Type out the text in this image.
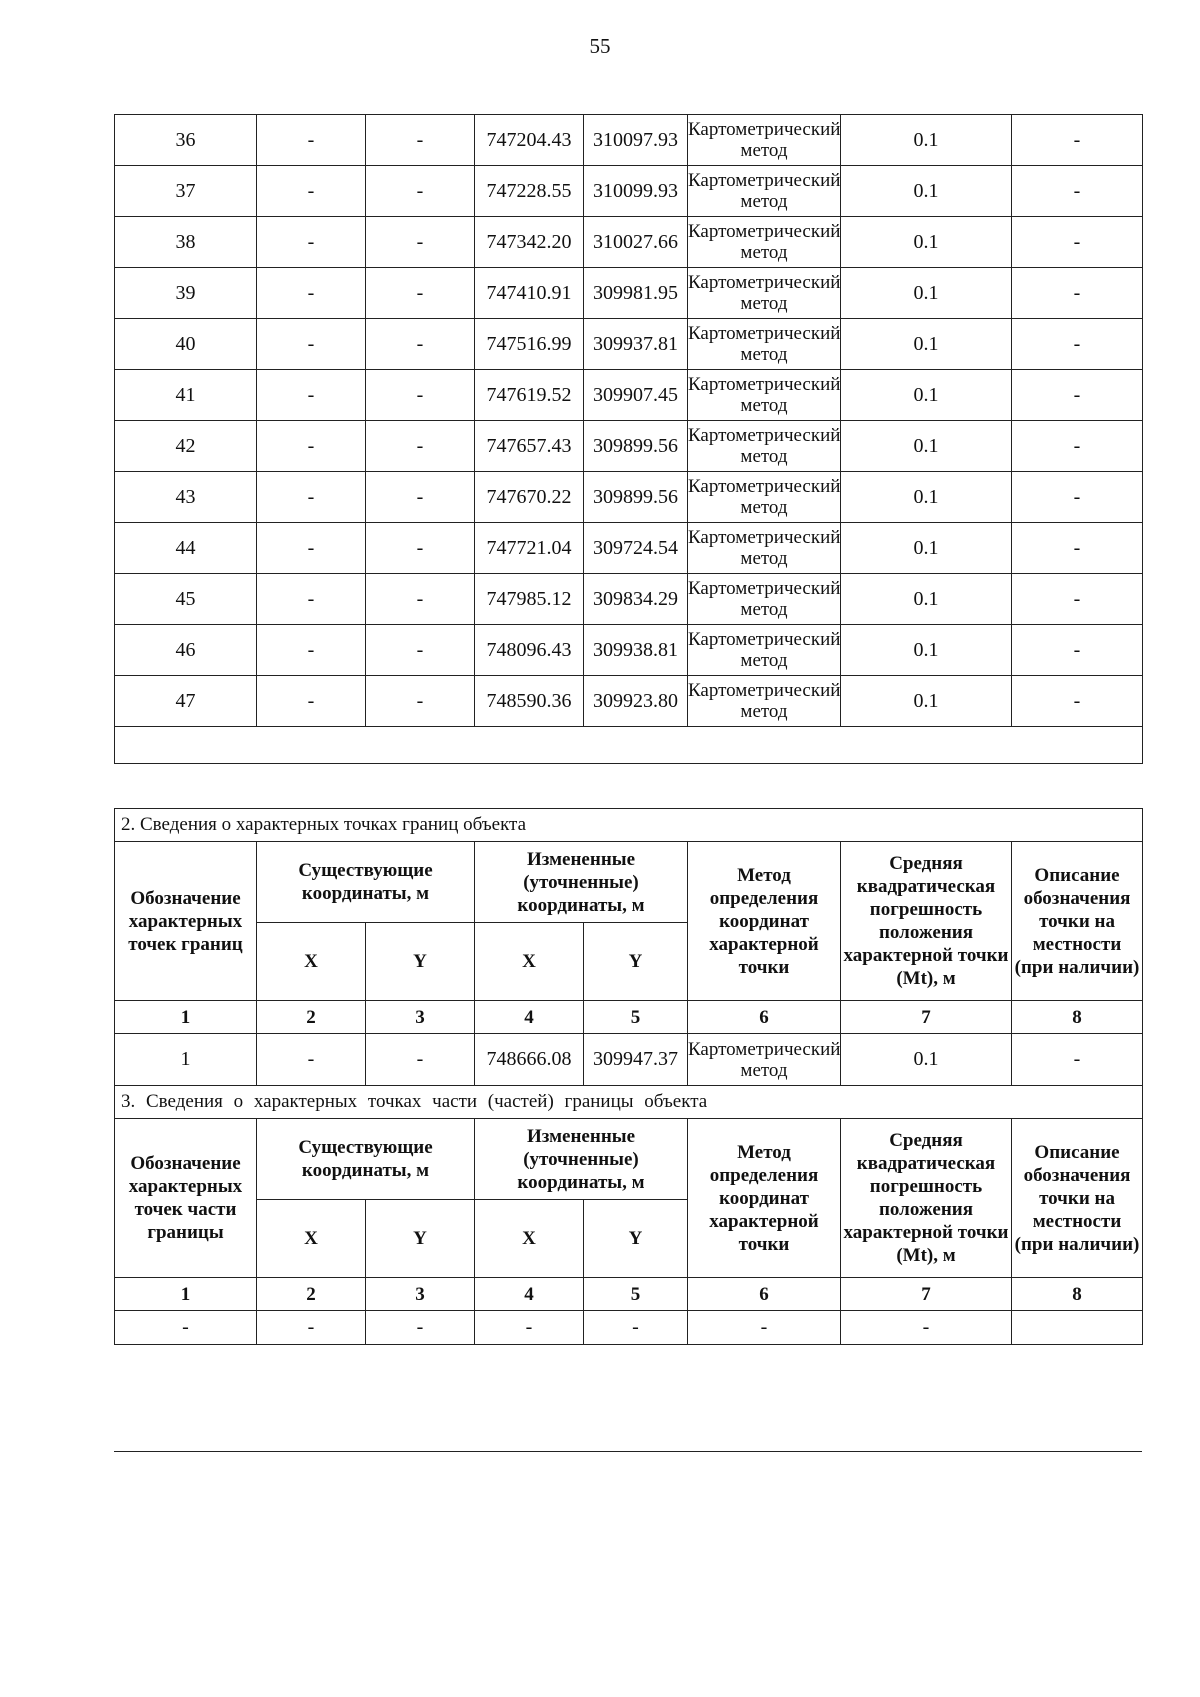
55
36	-	-	747204.43	310097.93	Картометрический метод	0.1	-
37	-	-	747228.55	310099.93	Картометрический метод	0.1	-
38	-	-	747342.20	310027.66	Картометрический метод	0.1	-
39	-	-	747410.91	309981.95	Картометрический метод	0.1	-
40	-	-	747516.99	309937.81	Картометрический метод	0.1	-
41	-	-	747619.52	309907.45	Картометрический метод	0.1	-
42	-	-	747657.43	309899.56	Картометрический метод	0.1	-
43	-	-	747670.22	309899.56	Картометрический метод	0.1	-
44	-	-	747721.04	309724.54	Картометрический метод	0.1	-
45	-	-	747985.12	309834.29	Картометрический метод	0.1	-
46	-	-	748096.43	309938.81	Картометрический метод	0.1	-
47	-	-	748590.36	309923.80	Картометрический метод	0.1	-

2. Сведения о характерных точках границ объекта							
Обозначение характерных точек границ	Существующие координаты, м		Измененные (уточненные) координаты, м		Метод определения координат характерной точки	Средняя квадратическая погрешность положения характерной точки (Мt), м	Описание обозначения точки на местности (при наличии)
	X	Y	X	Y			
1	2	3	4	5	6	7	8
1	-	-	748666.08	309947.37	Картометрический метод	0.1	-
3. Сведения о характерных точках части (частей) границы объекта							
Обозначение характерных точек части границы	Существующие координаты, м		Измененные (уточненные) координаты, м		Метод определения координат характерной точки	Средняя квадратическая погрешность положения характерной точки (Мt), м	Описание обозначения точки на местности (при наличии)
	X	Y	X	Y			
1	2	3	4	5	6	7	8
-	-	-	-	-	-	-	
